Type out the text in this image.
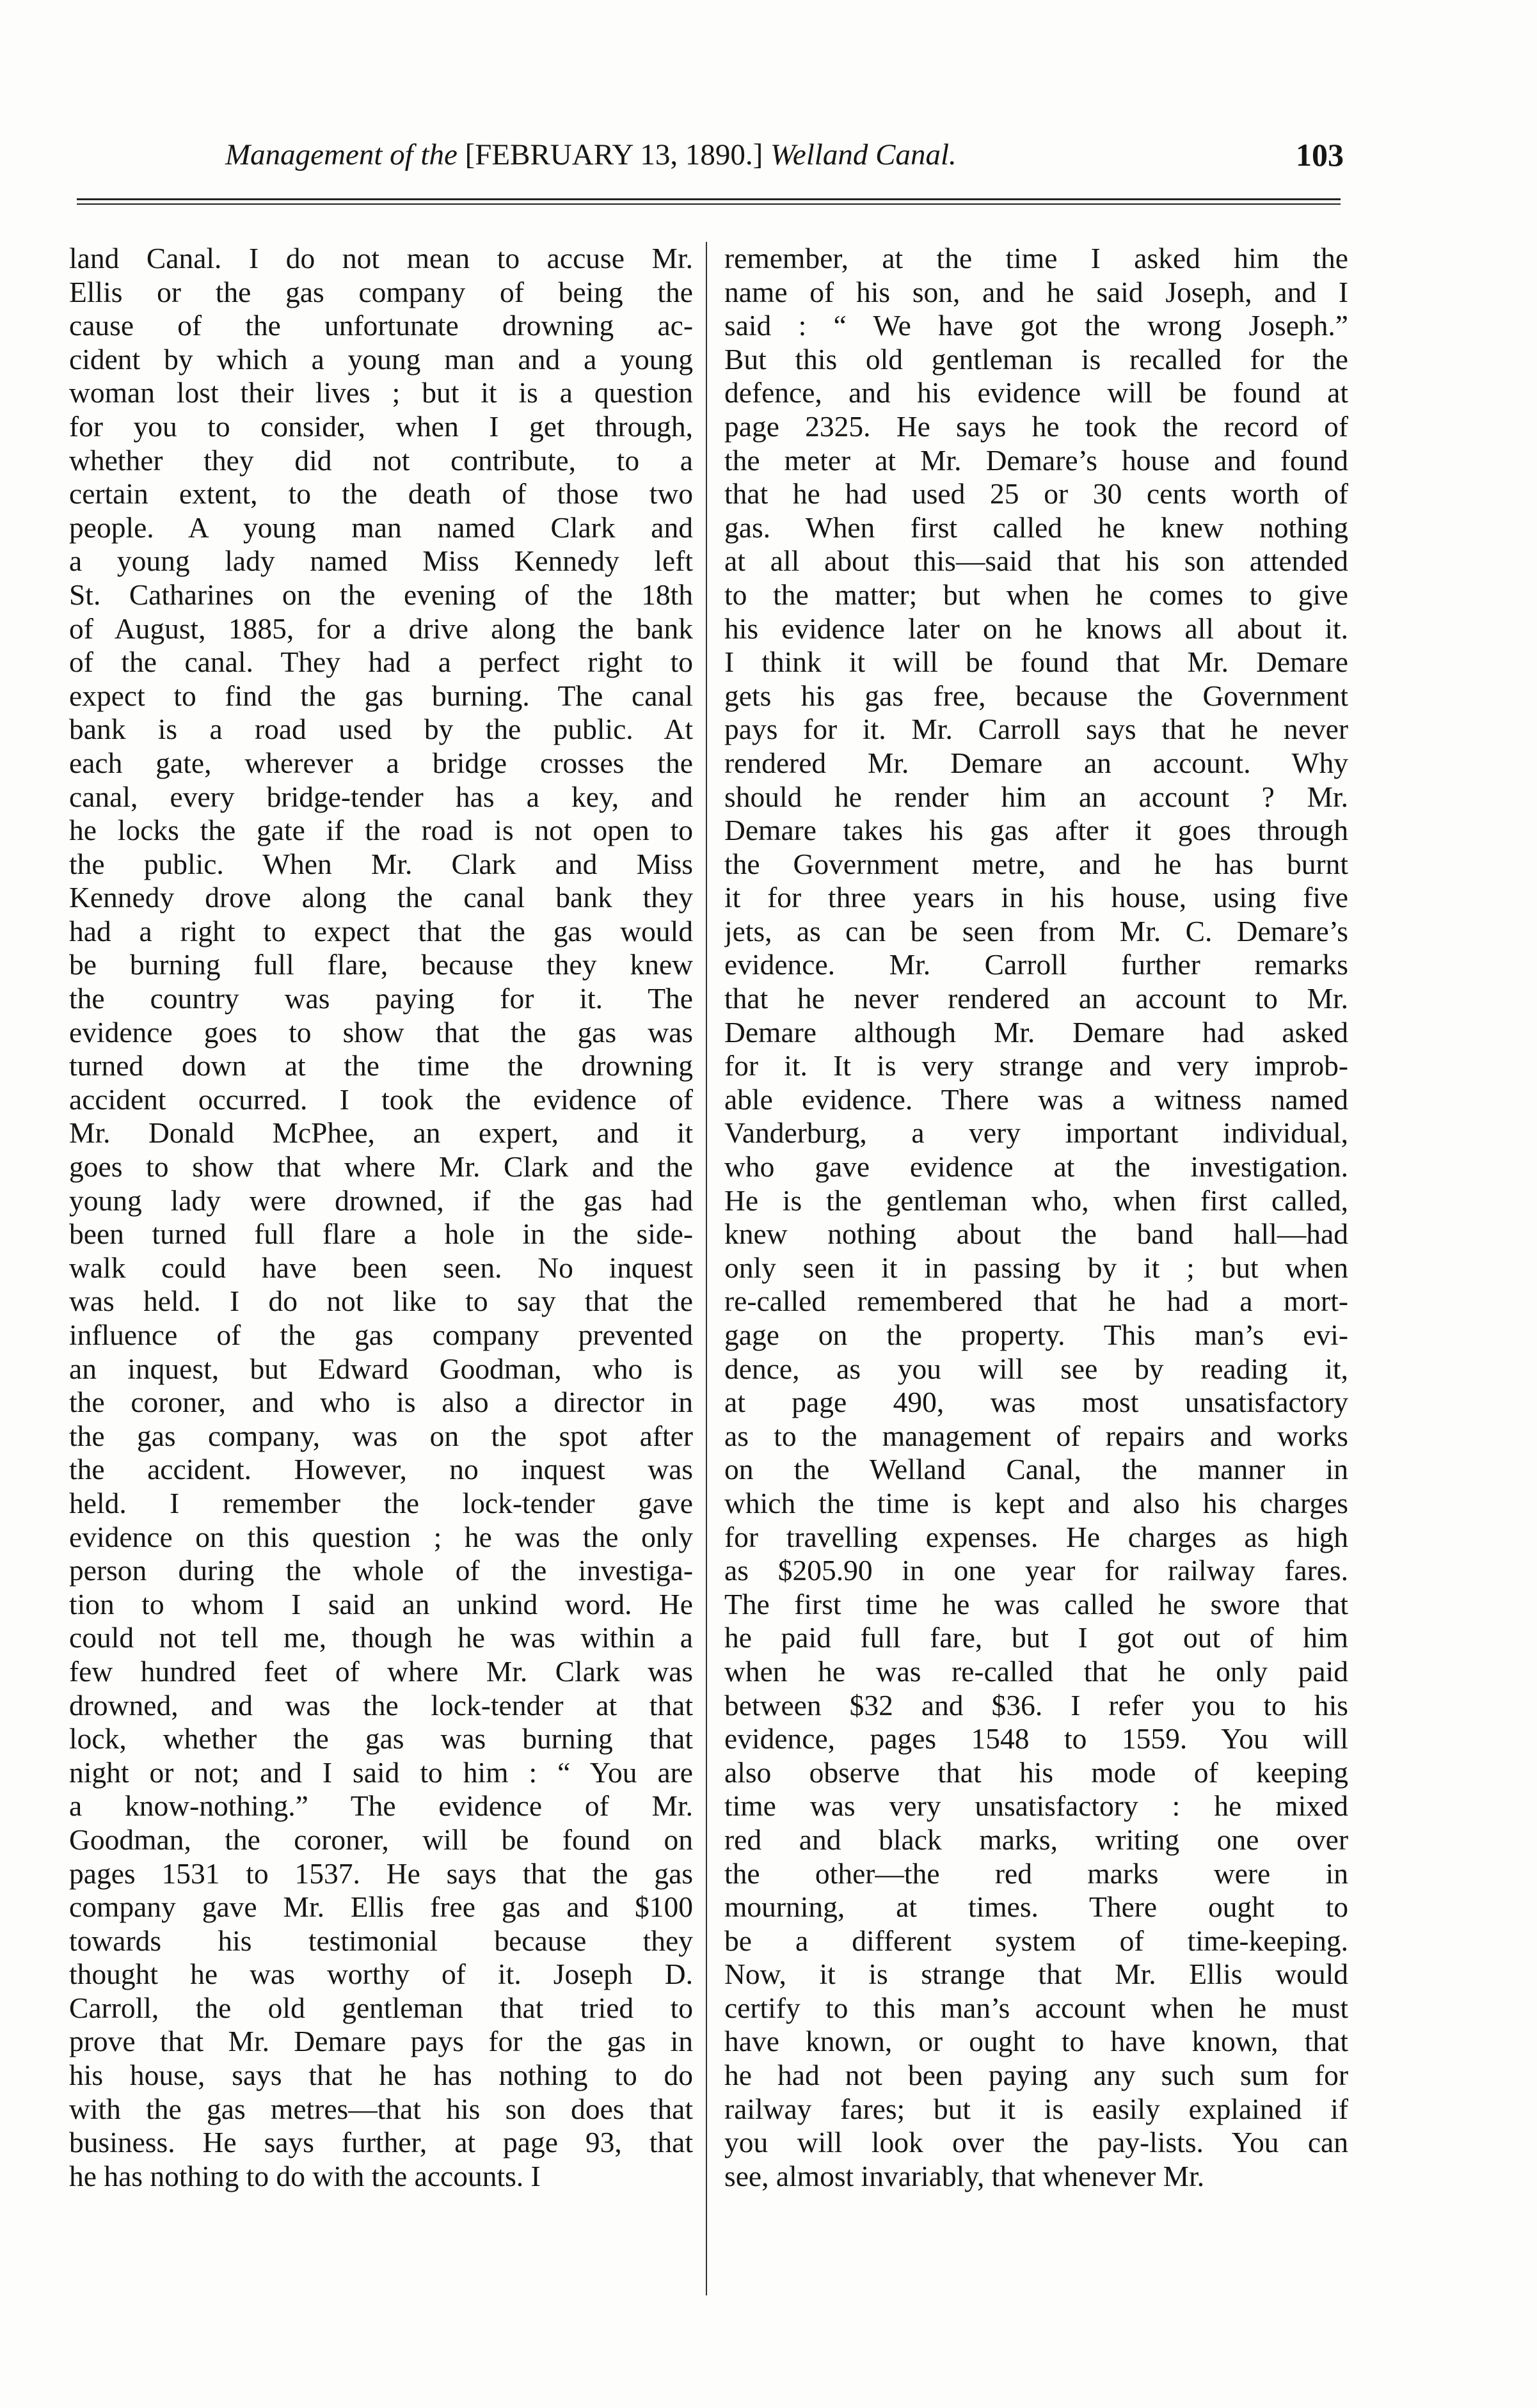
Management of the [FEBRUARY 13, 1890.] Welland Canal.	103
land Canal. I do not mean to accuse Mr.
Ellis or the gas company of being the
cause of the unfortunate drowning ac-
cident by which a young man and a young
woman lost their lives ; but it is a question
for you to consider, when I get through,
whether they did not contribute, to a
certain extent, to the death of those two
people. A young man named Clark and
a young lady named Miss Kennedy left
St. Catharines on the evening of the 18th
of August, 1885, for a drive along the bank
of the canal. They had a perfect right to
expect to find the gas burning. The canal
bank is a road used by the public. At
each gate, wherever a bridge crosses the
canal, every bridge-tender has a key, and
he locks the gate if the road is not open to
the public. When Mr. Clark and Miss
Kennedy drove along the canal bank they
had a right to expect that the gas would
be burning full flare, because they knew
the country was paying for it. The
evidence goes to show that the gas was
turned down at the time the drowning
accident occurred. I took the evidence of
Mr. Donald McPhee, an expert, and it
goes to show that where Mr. Clark and the
young lady were drowned, if the gas had
been turned full flare a hole in the side-
walk could have been seen. No inquest
was held. I do not like to say that the
influence of the gas company prevented
an inquest, but Edward Goodman, who is
the coroner, and who is also a director in
the gas company, was on the spot after
the accident. However, no inquest was
held. I remember the lock-tender gave
evidence on this question ; he was the only
person during the whole of the investiga-
tion to whom I said an unkind word. He
could not tell me, though he was within a
few hundred feet of where Mr. Clark was
drowned, and was the lock-tender at that
lock, whether the gas was burning that
night or not; and I said to him : “ You are
a know-nothing.” The evidence of Mr.
Goodman, the coroner, will be found on
pages 1531 to 1537. He says that the gas
company gave Mr. Ellis free gas and $100
towards his testimonial because they
thought he was worthy of it. Joseph D.
Carroll, the old gentleman that tried to
prove that Mr. Demare pays for the gas in
his house, says that he has nothing to do
with the gas metres—that his son does that
business. He says further, at page 93, that
he has nothing to do with the accounts. I
remember, at the time I asked him the
name of his son, and he said Joseph, and I
said : “ We have got the wrong Joseph.”
But this old gentleman is recalled for the
defence, and his evidence will be found at
page 2325. He says he took the record of
the meter at Mr. Demare’s house and found
that he had used 25 or 30 cents worth of
gas. When first called he knew nothing
at all about this—said that his son attended
to the matter; but when he comes to give
his evidence later on he knows all about it.
I think it will be found that Mr. Demare
gets his gas free, because the Government
pays for it. Mr. Carroll says that he never
rendered Mr. Demare an account. Why
should he render him an account ? Mr.
Demare takes his gas after it goes through
the Government metre, and he has burnt
it for three years in his house, using five
jets, as can be seen from Mr. C. Demare’s
evidence. Mr. Carroll further remarks
that he never rendered an account to Mr.
Demare although Mr. Demare had asked
for it. It is very strange and very improb-
able evidence. There was a witness named
Vanderburg, a very important individual,
who gave evidence at the investigation.
He is the gentleman who, when first called,
knew nothing about the band hall—had
only seen it in passing by it ; but when
re-called remembered that he had a mort-
gage on the property. This man’s evi-
dence, as you will see by reading it,
at page 490, was most unsatisfactory
as to the management of repairs and works
on the Welland Canal, the manner in
which the time is kept and also his charges
for travelling expenses. He charges as high
as $205.90 in one year for railway fares.
The first time he was called he swore that
he paid full fare, but I got out of him
when he was re-called that he only paid
between $32 and $36. I refer you to his
evidence, pages 1548 to 1559. You will
also observe that his mode of keeping
time was very unsatisfactory : he mixed
red and black marks, writing one over
the other—the red marks were in
mourning, at times. There ought to
be a different system of time-keeping.
Now, it is strange that Mr. Ellis would
certify to this man’s account when he must
have known, or ought to have known, that
he had not been paying any such sum for
railway fares; but it is easily explained if
you will look over the pay-lists. You can
see, almost invariably, that whenever Mr.
